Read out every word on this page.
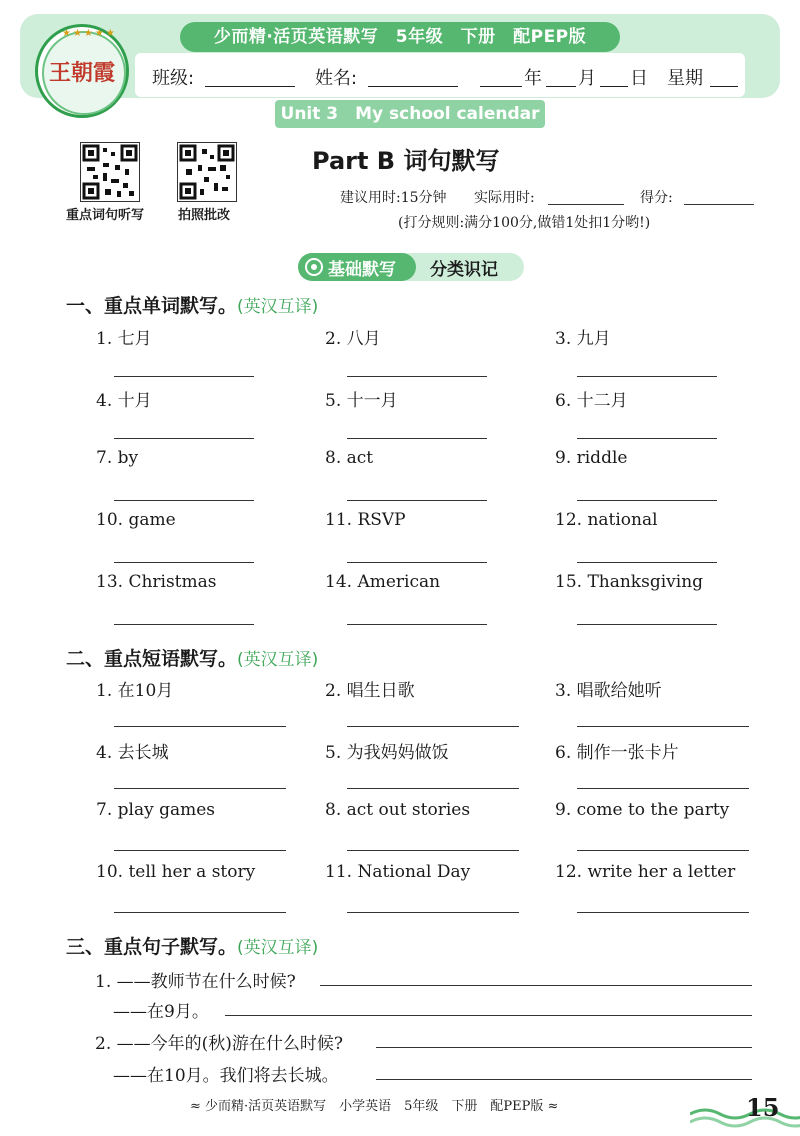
少而精·活页英语默写　5年级　下册　配PEP版
班级:	姓名:	年 月 日 星期
Unit 3　My school calendar
王朝霞
★★★★★
重点词句听写	拍照批改
Part B 词句默写
建议用时:15分钟 实际用时:	得分:
(打分规则:满分100分,做错1处扣1分哟!)
基础默写 分类识记
一、重点单词默写。(英汉互译)
1. 七月	2. 八月	3. 九月
4. 十月	5. 十一月	6. 十二月
7. by	8. act	9. riddle
10. game	11. RSVP	12. national
13. Christmas	14. American	15. Thanksgiving
二、重点短语默写。(英汉互译)
1. 在10月	2. 唱生日歌	3. 唱歌给她听
4. 去长城	5. 为我妈妈做饭	6. 制作一张卡片
7. play games	8. act out stories	9. come to the party
10. tell her a story	11. National Day	12. write her a letter
三、重点句子默写。(英汉互译)
1. ——教师节在什么时候?
——在9月。
2. ——今年的(秋)游在什么时候?
——在10月。我们将去长城。
≈ 少而精·活页英语默写　小学英语　5年级　下册　配PEP版 ≈	15
